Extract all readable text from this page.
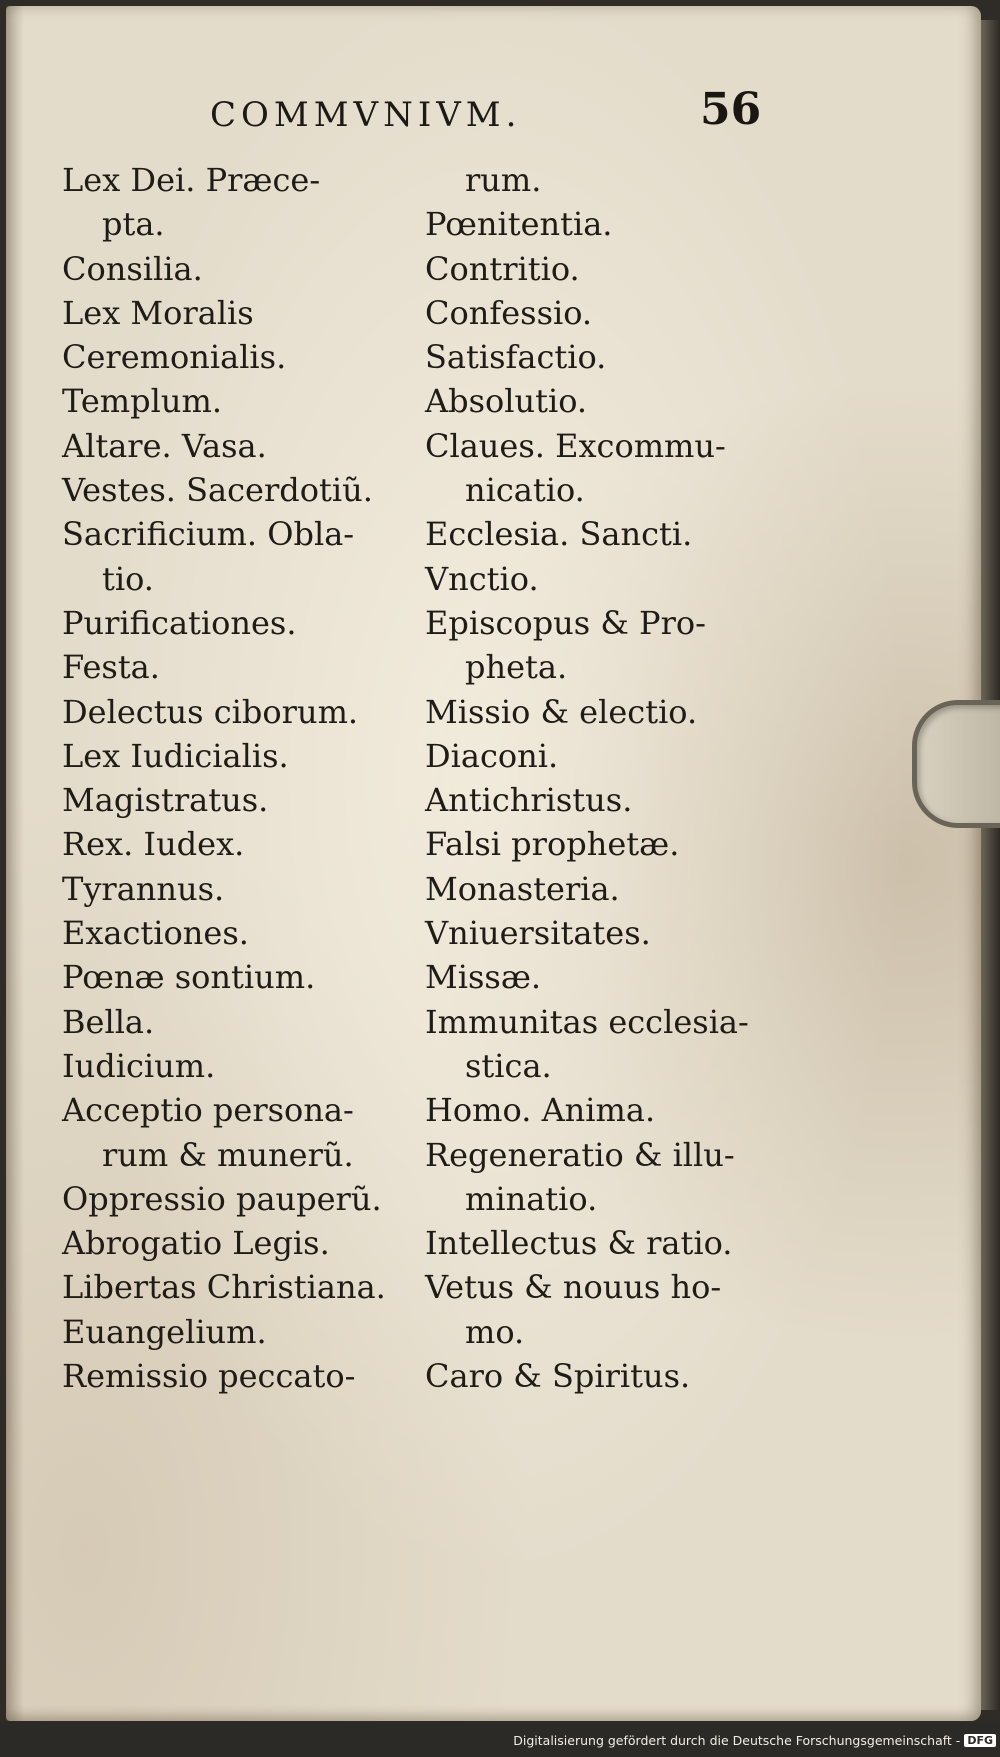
COMMVNIVM.	56
Lex Dei. Præce-
pta.
Consilia.
Lex Moralis
Ceremonialis.
Templum.
Altare. Vasa.
Vestes. Sacerdotiũ.
Sacrificium. Obla-
tio.
Purificationes.
Festa.
Delectus ciborum.
Lex Iudicialis.
Magistratus.
Rex. Iudex.
Tyrannus.
Exactiones.
Pœnæ sontium.
Bella.
Iudicium.
Acceptio persona-
rum & munerũ.
Oppressio pauperũ.
Abrogatio Legis.
Libertas Christiana.
Euangelium.
Remissio peccato-
rum.
Pœnitentia.
Contritio.
Confessio.
Satisfactio.
Absolutio.
Claues. Excommu-
nicatio.
Ecclesia. Sancti.
Vnctio.
Episcopus & Pro-
pheta.
Missio & electio.
Diaconi.
Antichristus.
Falsi prophetæ.
Monasteria.
Vniuersitates.
Missæ.
Immunitas ecclesia-
stica.
Homo. Anima.
Regeneratio & illu-
minatio.
Intellectus & ratio.
Vetus & nouus ho-
mo.
Caro & Spiritus.
Digitalisierung gefördert durch die Deutsche Forschungsgemeinschaft - DFG
